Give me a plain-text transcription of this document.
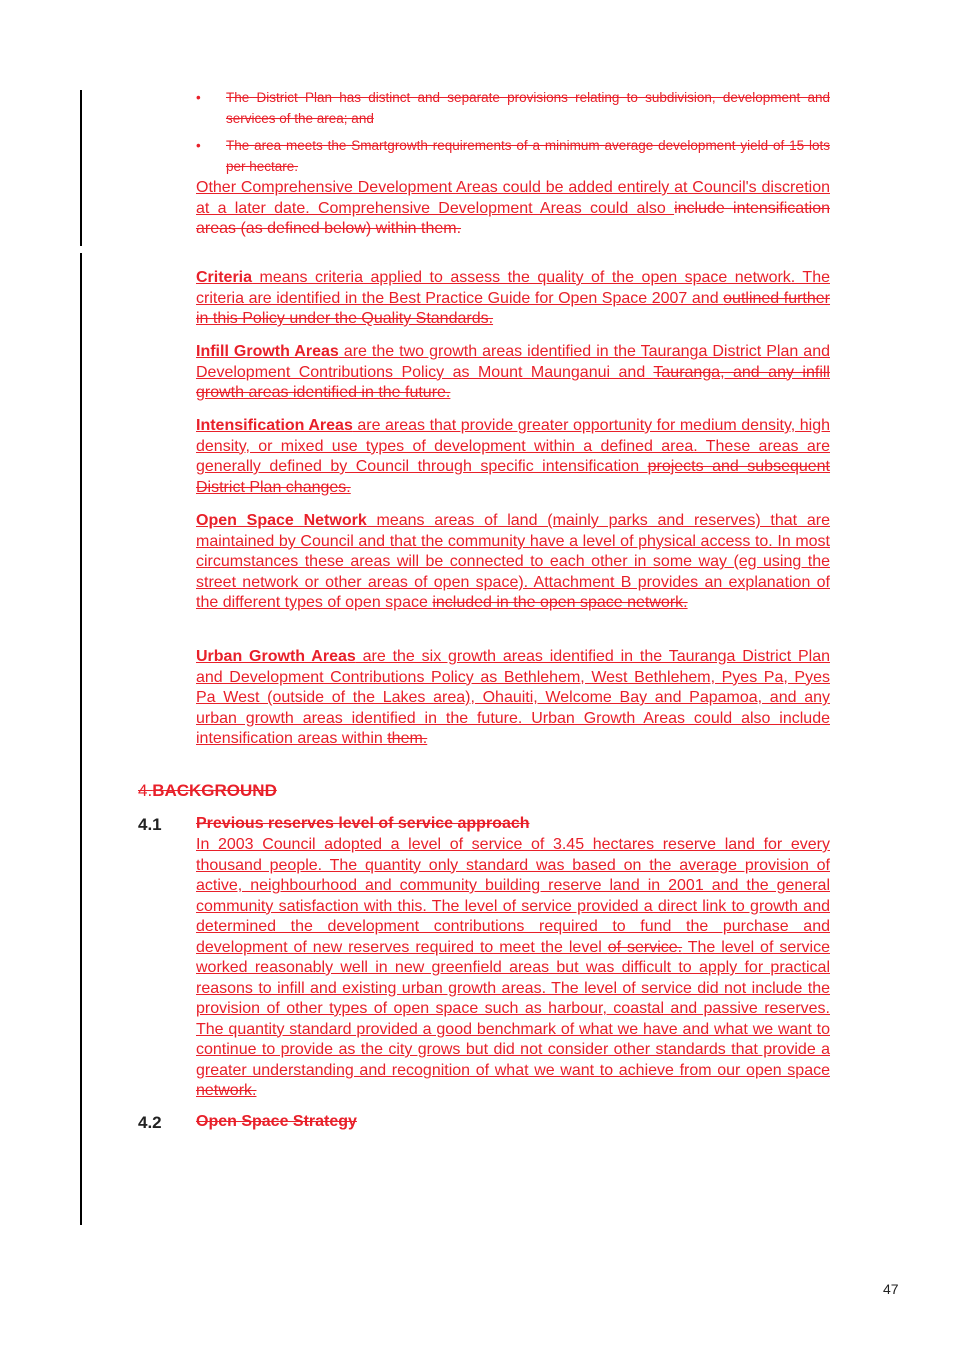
• The District Plan has distinct and separate provisions relating to subdivision, development and services of the area; and
• The area meets the Smartgrowth requirements of a minimum average development yield of 15 lots per hectare.

Other Comprehensive Development Areas could be added entirely at Council's discretion at a later date. Comprehensive Development Areas could also include intensification areas (as defined below) within them.

Criteria means criteria applied to assess the quality of the open space network. The criteria are identified in the Best Practice Guide for Open Space 2007 and outlined further in this Policy under the Quality Standards.

Infill Growth Areas are the two growth areas identified in the Tauranga District Plan and Development Contributions Policy as Mount Maunganui and Tauranga, and any infill growth areas identified in the future.

Intensification Areas are areas that provide greater opportunity for medium density, high density, or mixed use types of development within a defined area. These areas are generally defined by Council through specific intensification projects and subsequent District Plan changes.

Open Space Network means areas of land (mainly parks and reserves) that are maintained by Council and that the community have a level of physical access to. In most circumstances these areas will be connected to each other in some way (eg using the street network or other areas of open space). Attachment B provides an explanation of the different types of open space included in the open space network.

Urban Growth Areas are the six growth areas identified in the Tauranga District Plan and Development Contributions Policy as Bethlehem, West Bethlehem, Pyes Pa, Pyes Pa West (outside of the Lakes area), Ohauiti, Welcome Bay and Papamoa, and any urban growth areas identified in the future. Urban Growth Areas could also include intensification areas within them.

4.BACKGROUND
4.1 Previous reserves level of service approach

In 2003 Council adopted a level of service of 3.45 hectares reserve land for every thousand people. The quantity only standard was based on the average provision of active, neighbourhood and community building reserve land in 2001 and the general community satisfaction with this. The level of service provided a direct link to growth and determined the development contributions required to fund the purchase and development of new reserves required to meet the level of service. The level of service worked reasonably well in new greenfield areas but was difficult to apply for practical reasons to infill and existing urban growth areas. The level of service did not include the provision of other types of open space such as harbour, coastal and passive reserves. The quantity standard provided a good benchmark of what we have and what we want to continue to provide as the city grows but did not consider other standards that provide a greater understanding and recognition of what we want to achieve from our open space network.

4.2 Open Space Strategy
47
